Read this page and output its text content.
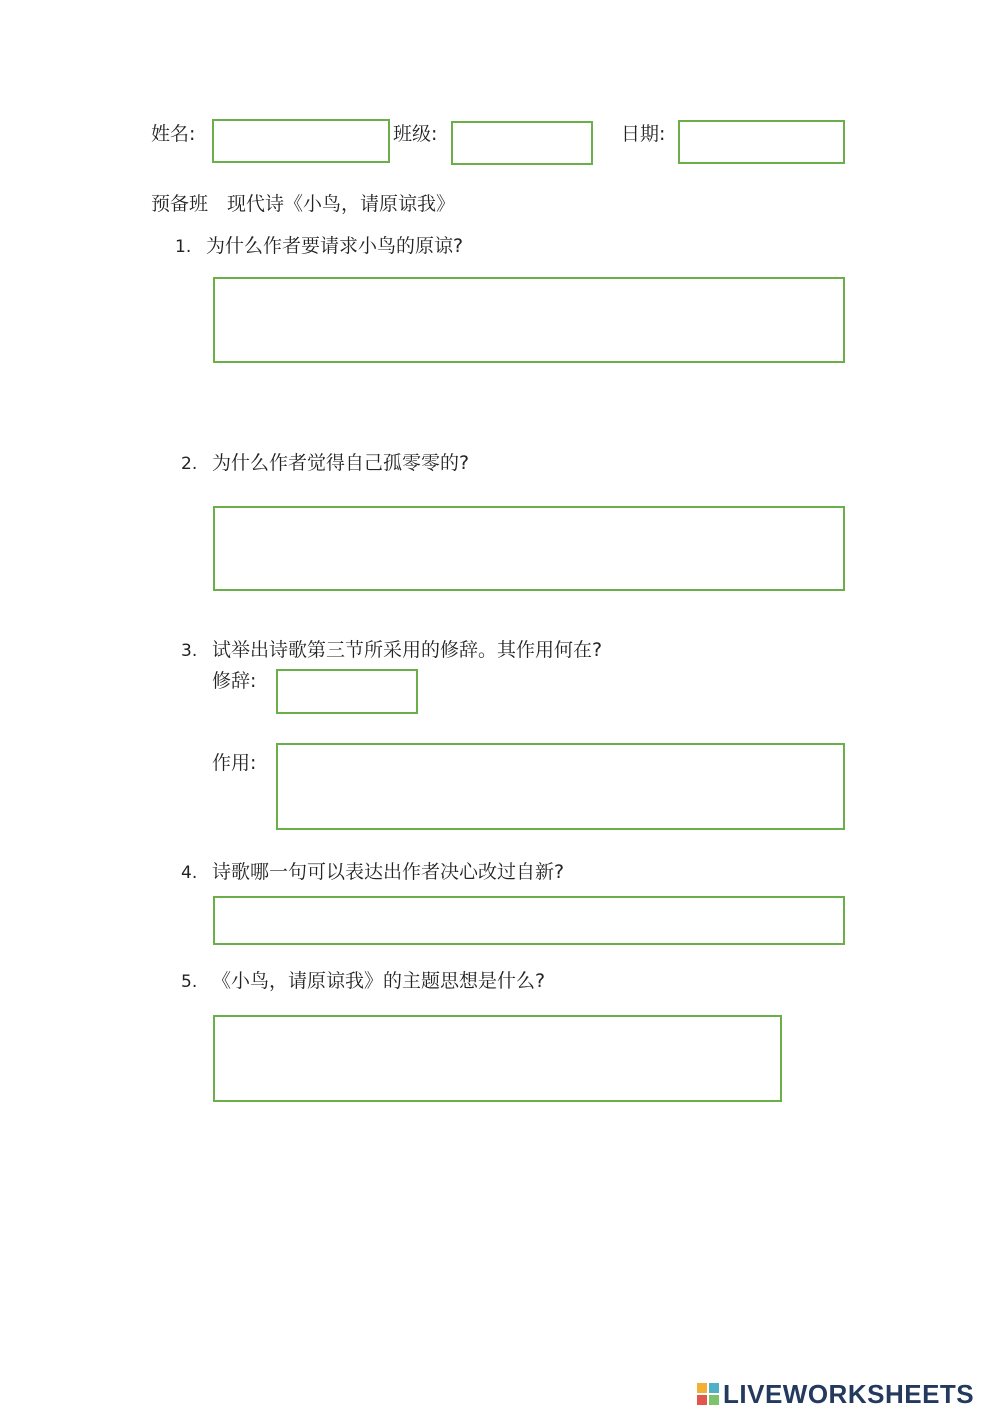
姓名:	班级:	日期:
预备班　现代诗《小鸟，请原谅我》
1. 为什么作者要请求小鸟的原谅?
2. 为什么作者觉得自己孤零零的?
3. 试举出诗歌第三节所采用的修辞。其作用何在?
修辞:
作用:
4. 诗歌哪一句可以表达出作者决心改过自新?
5. 《小鸟，请原谅我》的主题思想是什么?
LIVEWORKSHEETS
